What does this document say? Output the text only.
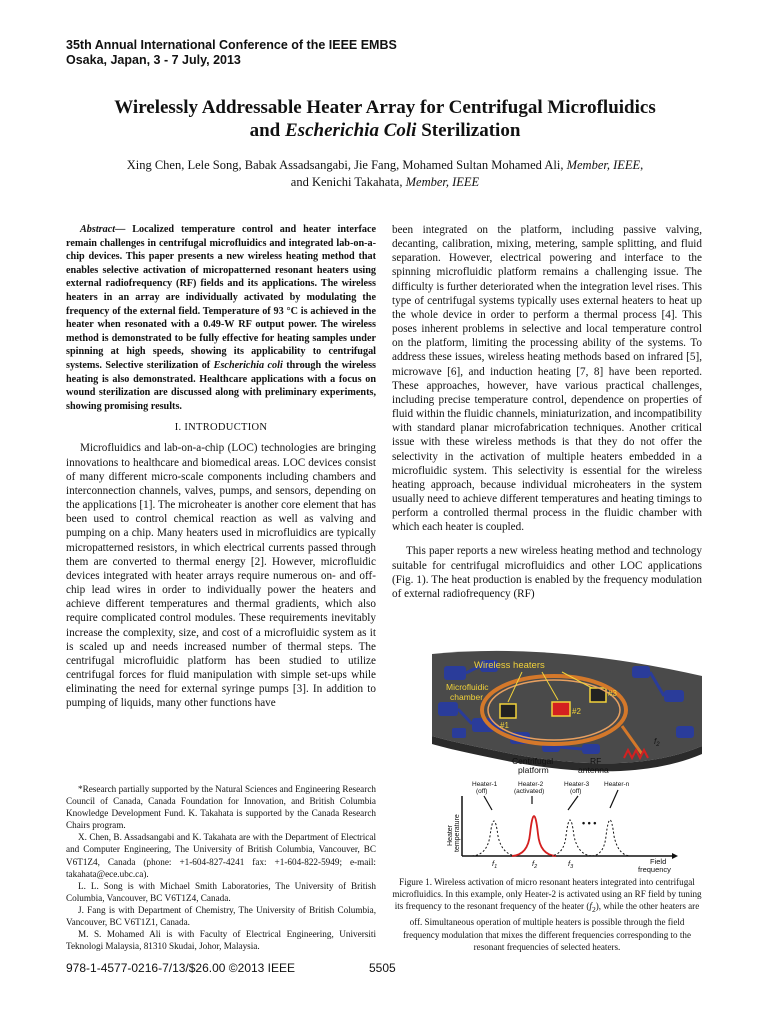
35th Annual International Conference of the IEEE EMBS
Osaka, Japan, 3 - 7 July, 2013
Wirelessly Addressable Heater Array for Centrifugal Microfluidics
and Escherichia Coli Sterilization
Xing Chen, Lele Song, Babak Assadsangabi, Jie Fang, Mohamed Sultan Mohamed Ali, Member, IEEE,
and Kenichi Takahata, Member, IEEE

Abstract— Localized temperature control and heater interface remain challenges in centrifugal microfluidics and integrated lab-on-a-chip devices. This paper presents a new wireless heating method that enables selective activation of micropatterned resonant heaters using external radiofrequency (RF) fields and its applications. The wireless heaters in an array are individually activated by modulating the frequency of the external field. Temperature of 93 °C is achieved in the heater when resonated with a 0.49-W RF output power. The wireless method is demonstrated to be fully effective for heating samples under spinning at high speeds, showing its applicability to centrifugal systems. Selective sterilization of Escherichia coli through the wireless heating is also demonstrated. Healthcare applications with a focus on wound sterilization are discussed along with preliminary experiments, showing promising results.

I. INTRODUCTION

Microfluidics and lab-on-a-chip (LOC) technologies are bringing innovations to healthcare and biomedical areas. LOC devices consist of many different micro-scale components including chambers and interconnection channels, valves, pumps, and sensors, depending on the applications [1]. The microheater is another core element that has been used to control chemical reaction as well as valving and pumping on a chip. Many heaters used in microfluidics are typically micropatterned resistors, in which electrical currents passed through them are converted to thermal energy [2]. However, microfluidic devices integrated with heater arrays require numerous on- and off-chip lead wires in order to individually power the heaters and achieve different temperatures and thermal gradients, which also require complicated control modules. These requirements inevitably increase the complexity, size, and cost of a microfluidic system as it is scaled up and needs increased number of thermal steps. The centrifugal microfluidic platform has been studied to utilize centrifugal forces for fluid manipulation with simple set-ups while eliminating the need for external syringe pumps [3]. In addition to pumping of liquids, many other functions have

*Research partially supported by the Natural Sciences and Engineering Research Council of Canada, Canada Foundation for Innovation, and British Columbia Knowledge Development Fund. K. Takahata is supported by the Canada Research Chairs program.

X. Chen, B. Assadsangabi and K. Takahata are with the Department of Electrical and Computer Engineering, The University of British Columbia, Vancouver, BC V6T1Z4, Canada (phone: +1-604-827-4241 fax: +1-604-822-5949; e-mail: takahata@ece.ubc.ca).

L. L. Song is with Michael Smith Laboratories, The University of British Columbia, Vancouver, BC V6T1Z4, Canada.

J. Fang is with Department of Chemistry, The University of British Columbia, Vancouver, BC V6T1Z1, Canada.

M. S. Mohamed Ali is with Faculty of Electrical Engineering, Universiti Teknologi Malaysia, 81310 Skudai, Johor, Malaysia.

been integrated on the platform, including passive valving, decanting, calibration, mixing, metering, sample splitting, and fluid separation. However, electrical powering and interface to the spinning microfluidic platform remains a challenging issue. The difficulty is further deteriorated when the integration level rises. This type of centrifugal systems typically uses external heaters to heat up the whole device in order to perform a thermal process [4]. This poses inherent problems in selective and local temperature control on the platform, limiting the processing ability of the systems. To address these issues, wireless heating methods based on infrared [5], microwave [6], and induction heating [7, 8] have been reported. These approaches, however, have various practical challenges, including precise temperature control, dependence on properties of fluid within the fluidic channels, miniaturization, and incompatibility with standard planar microfabrication techniques. Another critical issue with these wireless methods is that they do not offer the selectivity in the activation of multiple heaters embedded in a microfluidic system. This selectivity is essential for the wireless heating approach, because individual microheaters in the system usually need to achieve different temperatures and heating timings to perform a controlled thermal process in the fluidic chamber with which each heater is coupled.

This paper reports a new wireless heating method and technology suitable for centrifugal microfluidics and other LOC applications (Fig. 1). The heat production is enabled by the frequency modulation of external radiofrequency (RF)

$f_2$
Wireless heaters
Microfluidic
chamber
#1
#2
#3
Centrifugal
platform
RF
antenna
Heater-1
(off)
Heater-2
(activated)
Heater-3
(off)
Heater-n
• • •
Heater temperature
$f_1$	$f_2$	$f_3$
Field
frequency
Figure 1. Wireless activation of micro resonant heaters integrated into centrifugal microfluidics. In this example, only Heater-2 is activated using an RF field by tuning its frequency to the resonant frequency of the heater $(f_2)$, while the other heaters are off. Simultaneous operation of multiple heaters is possible through the field frequency modulation that mixes the different frequencies corresponding to the resonant frequencies of selected heaters.
978-1-4577-0216-7/13/$26.00 ©2013 IEEE	5505
